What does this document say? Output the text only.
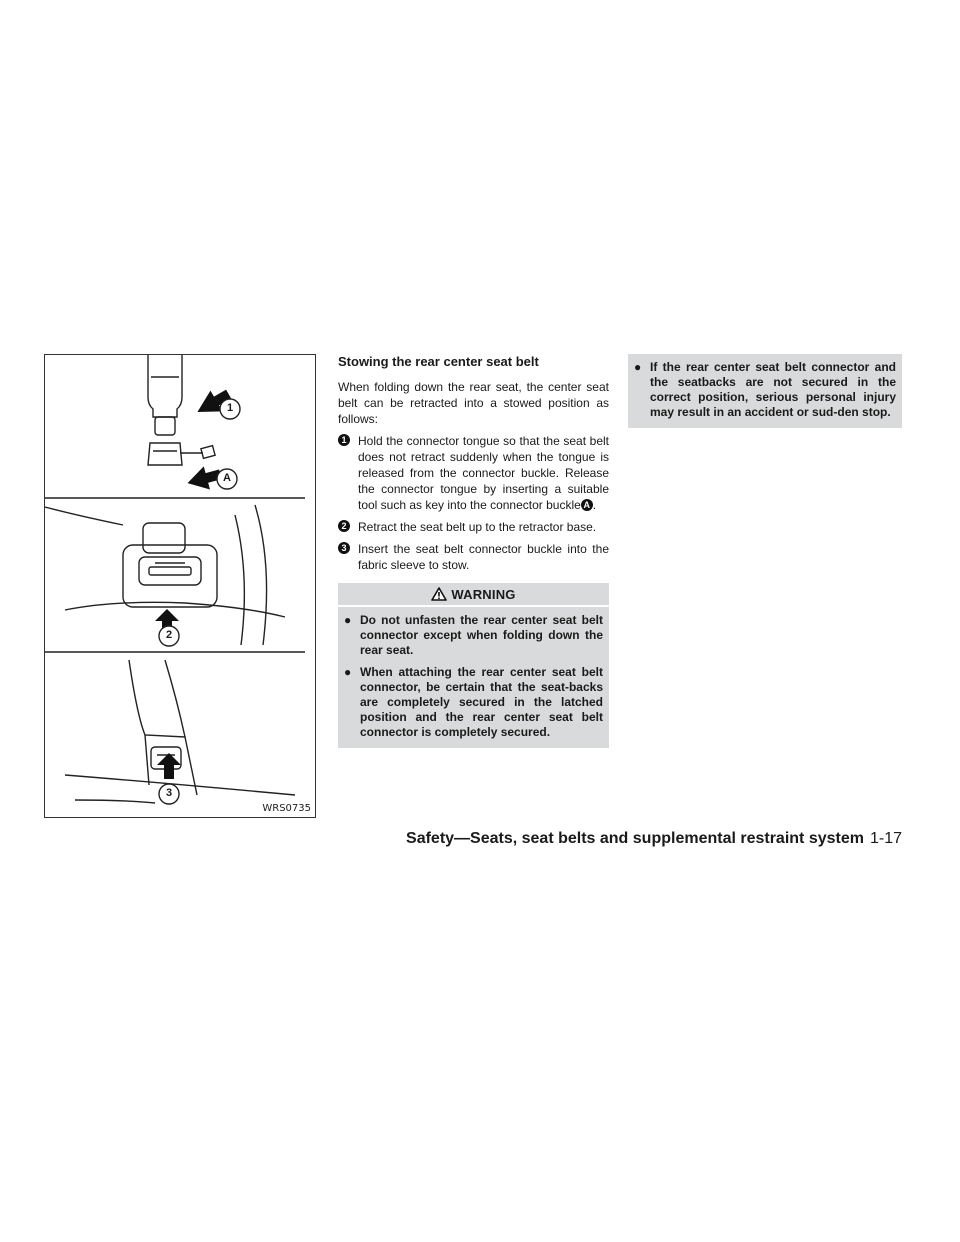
1
A
2
3
WRS0735
Stowing the rear center seat belt

When folding down the rear seat, the center seat belt can be retracted into a stowed position as follows:

1 Hold the connector tongue so that the seat belt does not retract suddenly when the tongue is released from the connector buckle. Release the connector tongue by inserting a suitable tool such as key into the connector buckle A .
2 Retract the seat belt up to the retractor base.
3 Insert the seat belt connector buckle into the fabric sleeve to stow.
WARNING
● Do not unfasten the rear center seat belt connector except when folding down the rear seat.
● When attaching the rear center seat belt connector, be certain that the seat-backs are completely secured in the latched position and the rear center seat belt connector is completely secured.
● If the rear center seat belt connector and the seatbacks are not secured in the correct position, serious personal injury may result in an accident or sud-den stop.
Safety—Seats, seat belts and supplemental restraint system 1-17
